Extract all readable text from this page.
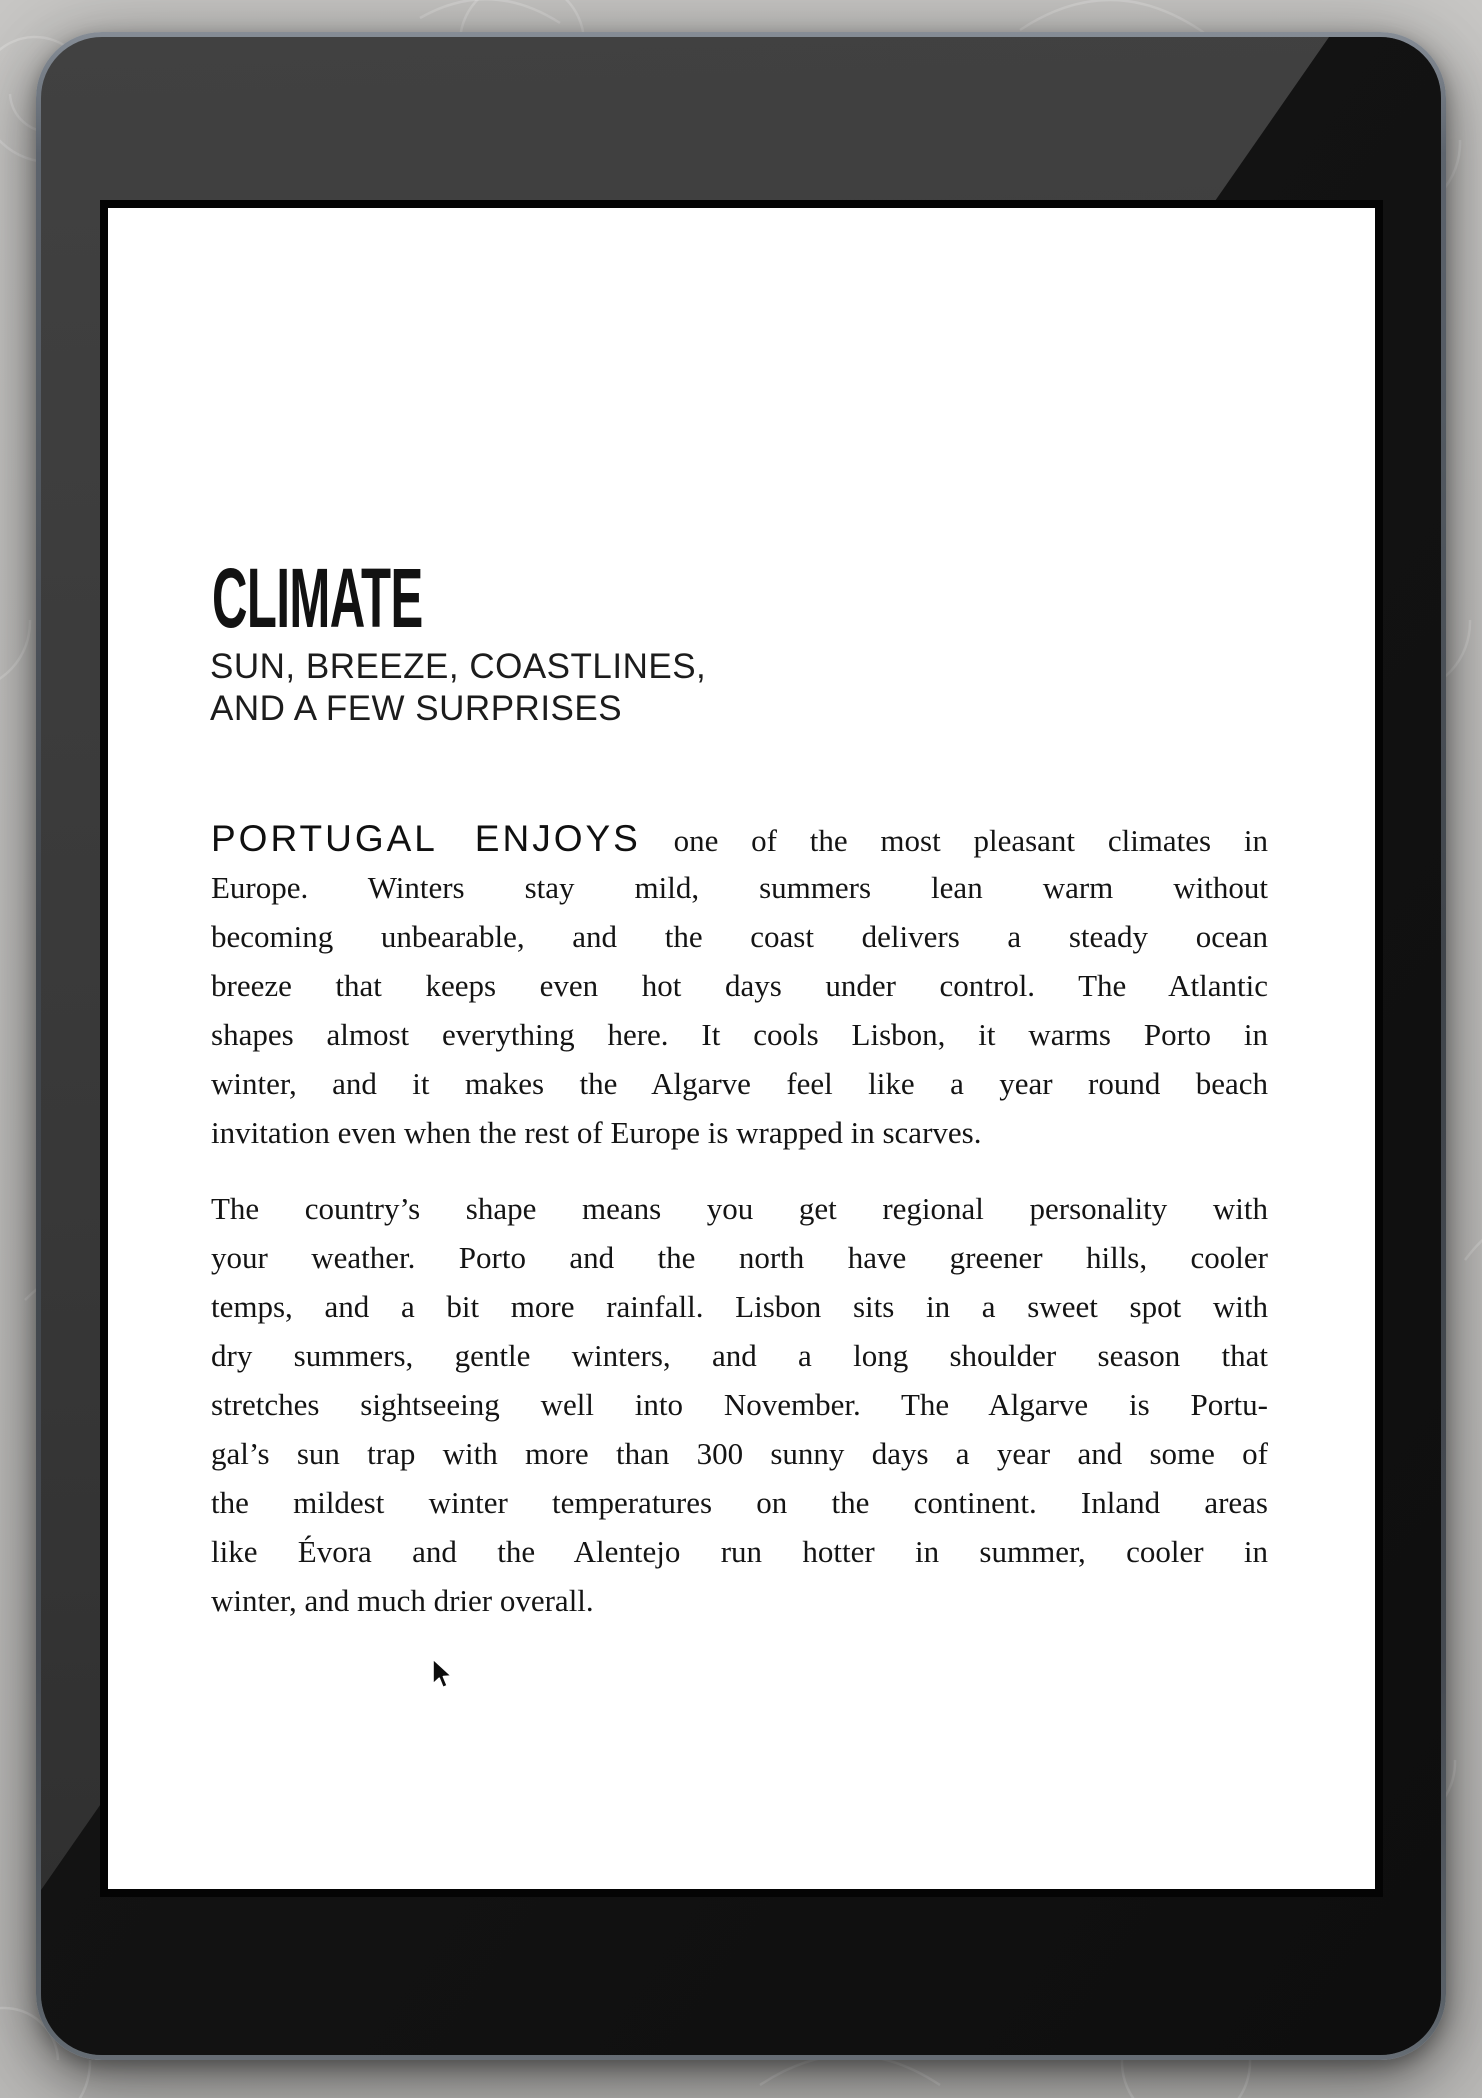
CLIMATE
SUN, BREEZE, COASTLINES,
AND A FEW SURPRISES
PORTUGAL ENJOYS one of the most pleasant climates in
Europe. Winters stay mild, summers lean warm without
becoming unbearable, and the coast delivers a steady ocean
breeze that keeps even hot days under control. The Atlantic
shapes almost everything here. It cools Lisbon, it warms Porto in
winter, and it makes the Algarve feel like a year round beach
invitation even when the rest of Europe is wrapped in scarves.
The country’s shape means you get regional personality with
your weather. Porto and the north have greener hills, cooler
temps, and a bit more rainfall. Lisbon sits in a sweet spot with
dry summers, gentle winters, and a long shoulder season that
stretches sightseeing well into November. The Algarve is Portu-
gal’s sun trap with more than 300 sunny days a year and some of
the mildest winter temperatures on the continent. Inland areas
like Évora and the Alentejo run hotter in summer, cooler in
winter, and much drier overall.
